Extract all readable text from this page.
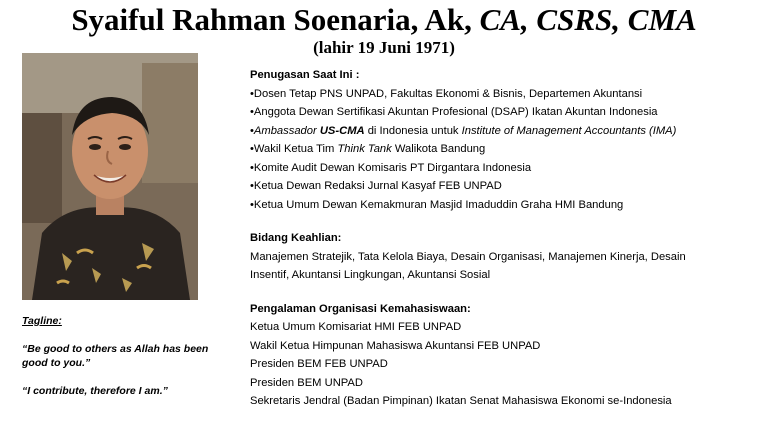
Syaiful Rahman Soenaria, Ak, CA, CSRS, CMA
(lahir 19 Juni 1971)

Tagline:

“Be good to others as Allah has been good to you.”

“I contribute, therefore I am.”

Penugasan Saat Ini :
•Dosen Tetap PNS UNPAD, Fakultas Ekonomi & Bisnis, Departemen Akuntansi
•Anggota Dewan Sertifikasi Akuntan Profesional (DSAP) Ikatan Akuntan Indonesia
•Ambassador US-CMA di Indonesia untuk Institute of Management Accountants (IMA)
•Wakil Ketua Tim Think Tank Walikota Bandung
•Komite Audit Dewan Komisaris PT Dirgantara Indonesia
•Ketua Dewan Redaksi Jurnal Kasyaf FEB UNPAD
•Ketua Umum Dewan Kemakmuran Masjid Imaduddin Graha HMI Bandung
Bidang Keahlian:
Manajemen Stratejik, Tata Kelola Biaya, Desain Organisasi, Manajemen Kinerja, Desain
Insentif, Akuntansi Lingkungan, Akuntansi Sosial
Pengalaman Organisasi Kemahasiswaan:
Ketua Umum Komisariat HMI FEB UNPAD
Wakil Ketua Himpunan Mahasiswa Akuntansi FEB UNPAD
Presiden BEM FEB UNPAD
Presiden BEM UNPAD
Sekretaris Jendral (Badan Pimpinan) Ikatan Senat Mahasiswa Ekonomi se-Indonesia
